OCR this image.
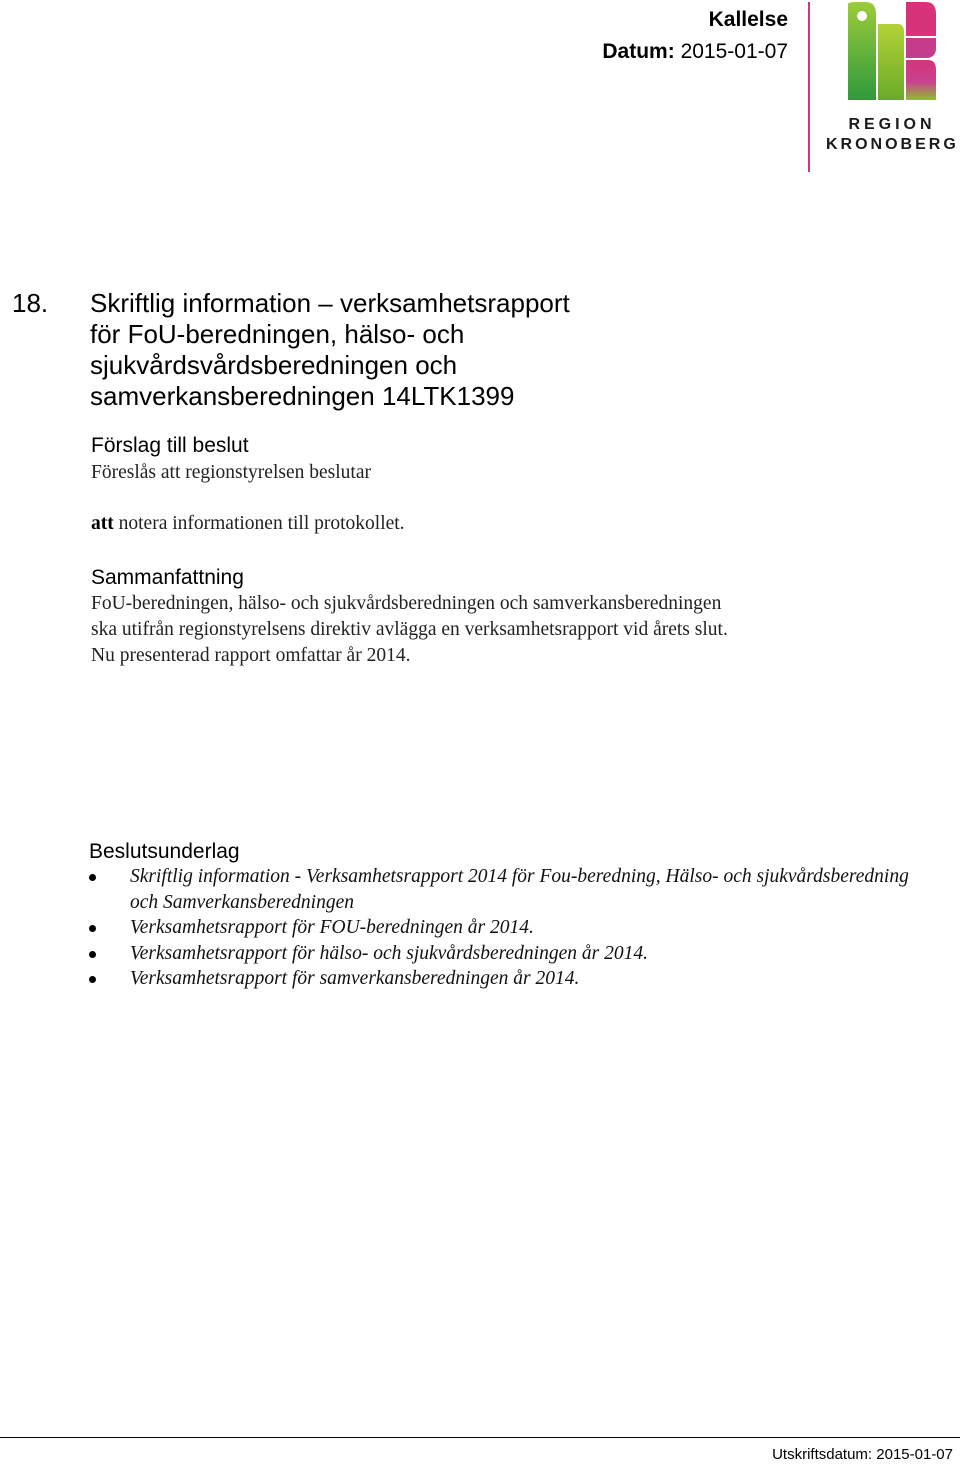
Kallelse
Datum: 2015-01-07
REGION
KRONOBERG
18. Skriftlig information – verksamhetsrapport
för FoU-beredningen, hälso- och
sjukvårdsvårdsberedningen och
samverkansberedningen 14LTK1399
Förslag till beslut
Föreslås att regionstyrelsen beslutar
att notera informationen till protokollet.
Sammanfattning
FoU-beredningen, hälso- och sjukvårdsberedningen och samverkansberedningen
ska utifrån regionstyrelsens direktiv avlägga en verksamhetsrapport vid årets slut.
Nu presenterad rapport omfattar år 2014.
Beslutsunderlag
Skriftlig information - Verksamhetsrapport 2014 för Fou-beredning, Hälso- och sjukvårdsberedning och Samverkansberedningen
Verksamhetsrapport för FOU-beredningen år 2014.
Verksamhetsrapport för hälso- och sjukvårdsberedningen år 2014.
Verksamhetsrapport för samverkansberedningen år 2014.
Utskriftsdatum: 2015-01-07
